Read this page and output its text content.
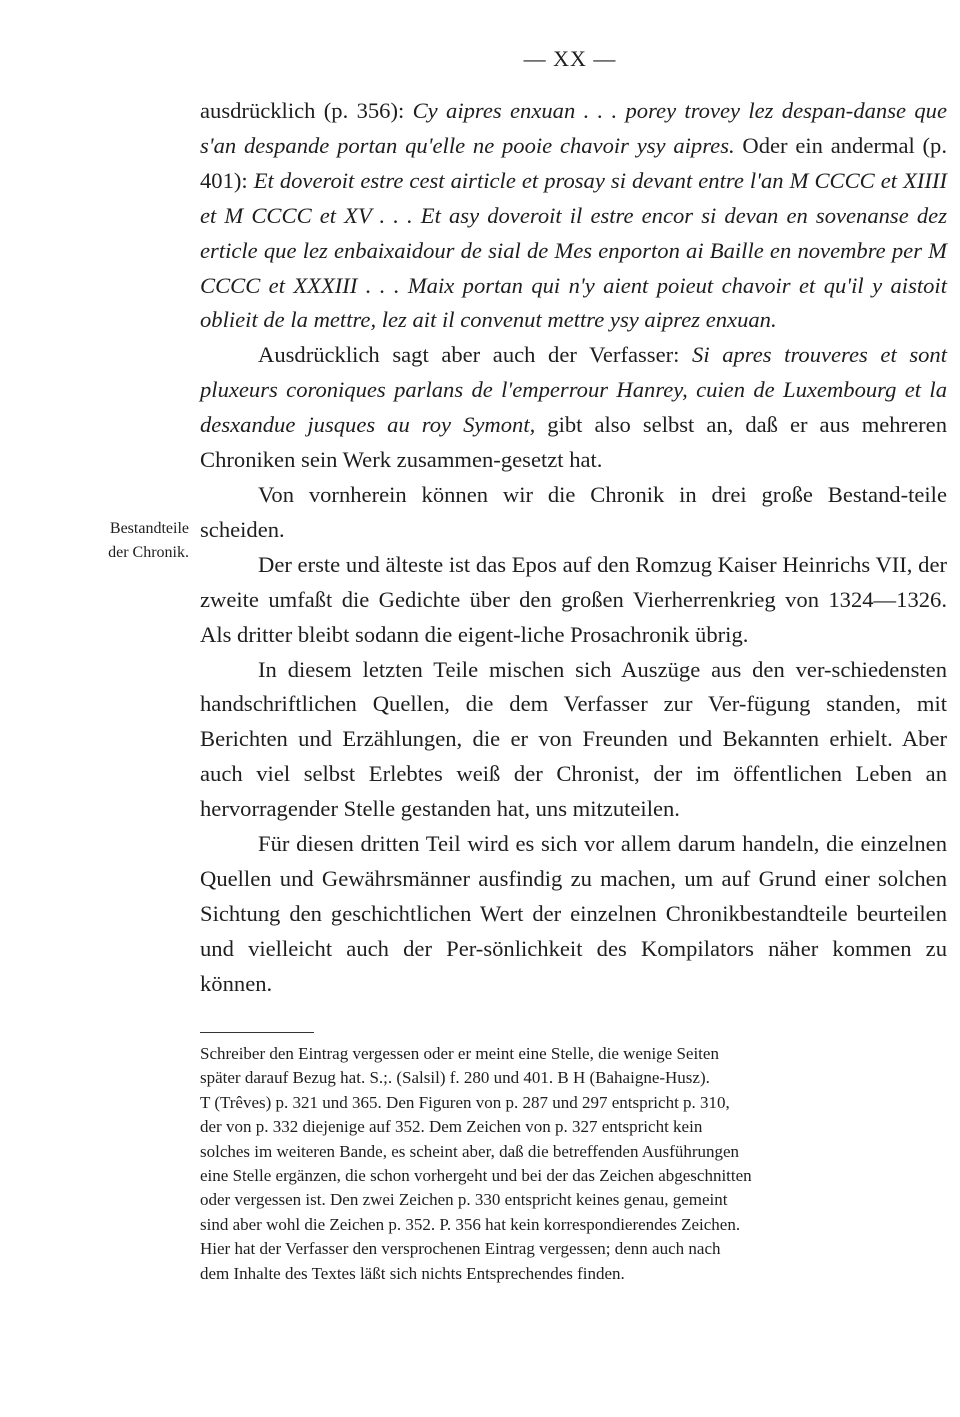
— XX —
Bestandteile
der Chronik.

ausdrücklich (p. 356): Cy aipres enxuan . . . porey trovey lez despan-danse que s'an despande portan qu'elle ne pooie chavoir ysy aipres. Oder ein andermal (p. 401): Et doveroit estre cest airticle et prosay si devant entre l'an M CCCC et XIIII et M CCCC et XV . . . Et asy doveroit il estre encor si devan en sovenanse dez erticle que lez enbaixaidour de sial de Mes enporton ai Baille en novembre per M CCCC et XXXIII . . . Maix portan qui n'y aient poieut chavoir et qu'il y aistoit oblieit de la mettre, lez ait il convenut mettre ysy aiprez enxuan.

Ausdrücklich sagt aber auch der Verfasser: Si apres trouveres et sont pluxeurs coroniques parlans de l'emperrour Hanrey, cuien de Luxembourg et la desxandue jusques au roy Symont, gibt also selbst an, daß er aus mehreren Chroniken sein Werk zusammen-gesetzt hat.

Von vornherein können wir die Chronik in drei große Bestand-teile scheiden.

Der erste und älteste ist das Epos auf den Romzug Kaiser Heinrichs VII, der zweite umfaßt die Gedichte über den großen Vierherrenkrieg von 1324—1326. Als dritter bleibt sodann die eigent-liche Prosachronik übrig.

In diesem letzten Teile mischen sich Auszüge aus den ver-schiedensten handschriftlichen Quellen, die dem Verfasser zur Ver-fügung standen, mit Berichten und Erzählungen, die er von Freunden und Bekannten erhielt. Aber auch viel selbst Erlebtes weiß der Chronist, der im öffentlichen Leben an hervorragender Stelle gestanden hat, uns mitzuteilen.

Für diesen dritten Teil wird es sich vor allem darum handeln, die einzelnen Quellen und Gewährsmänner ausfindig zu machen, um auf Grund einer solchen Sichtung den geschichtlichen Wert der einzelnen Chronikbestandteile beurteilen und vielleicht auch der Per-sönlichkeit des Kompilators näher kommen zu können.

Schreiber den Eintrag vergessen oder er meint eine Stelle, die wenige Seiten
später darauf Bezug hat. S.;. (Salsil) f. 280 und 401. B H (Bahaigne-Husz).
T (Trêves) p. 321 und 365. Den Figuren von p. 287 und 297 entspricht p. 310,
der von p. 332 diejenige auf 352. Dem Zeichen von p. 327 entspricht kein
solches im weiteren Bande, es scheint aber, daß die betreffenden Ausführungen
eine Stelle ergänzen, die schon vorhergeht und bei der das Zeichen abgeschnitten
oder vergessen ist. Den zwei Zeichen p. 330 entspricht keines genau, gemeint
sind aber wohl die Zeichen p. 352. P. 356 hat kein korrespondierendes Zeichen.
Hier hat der Verfasser den versprochenen Eintrag vergessen; denn auch nach
dem Inhalte des Textes läßt sich nichts Entsprechendes finden.
